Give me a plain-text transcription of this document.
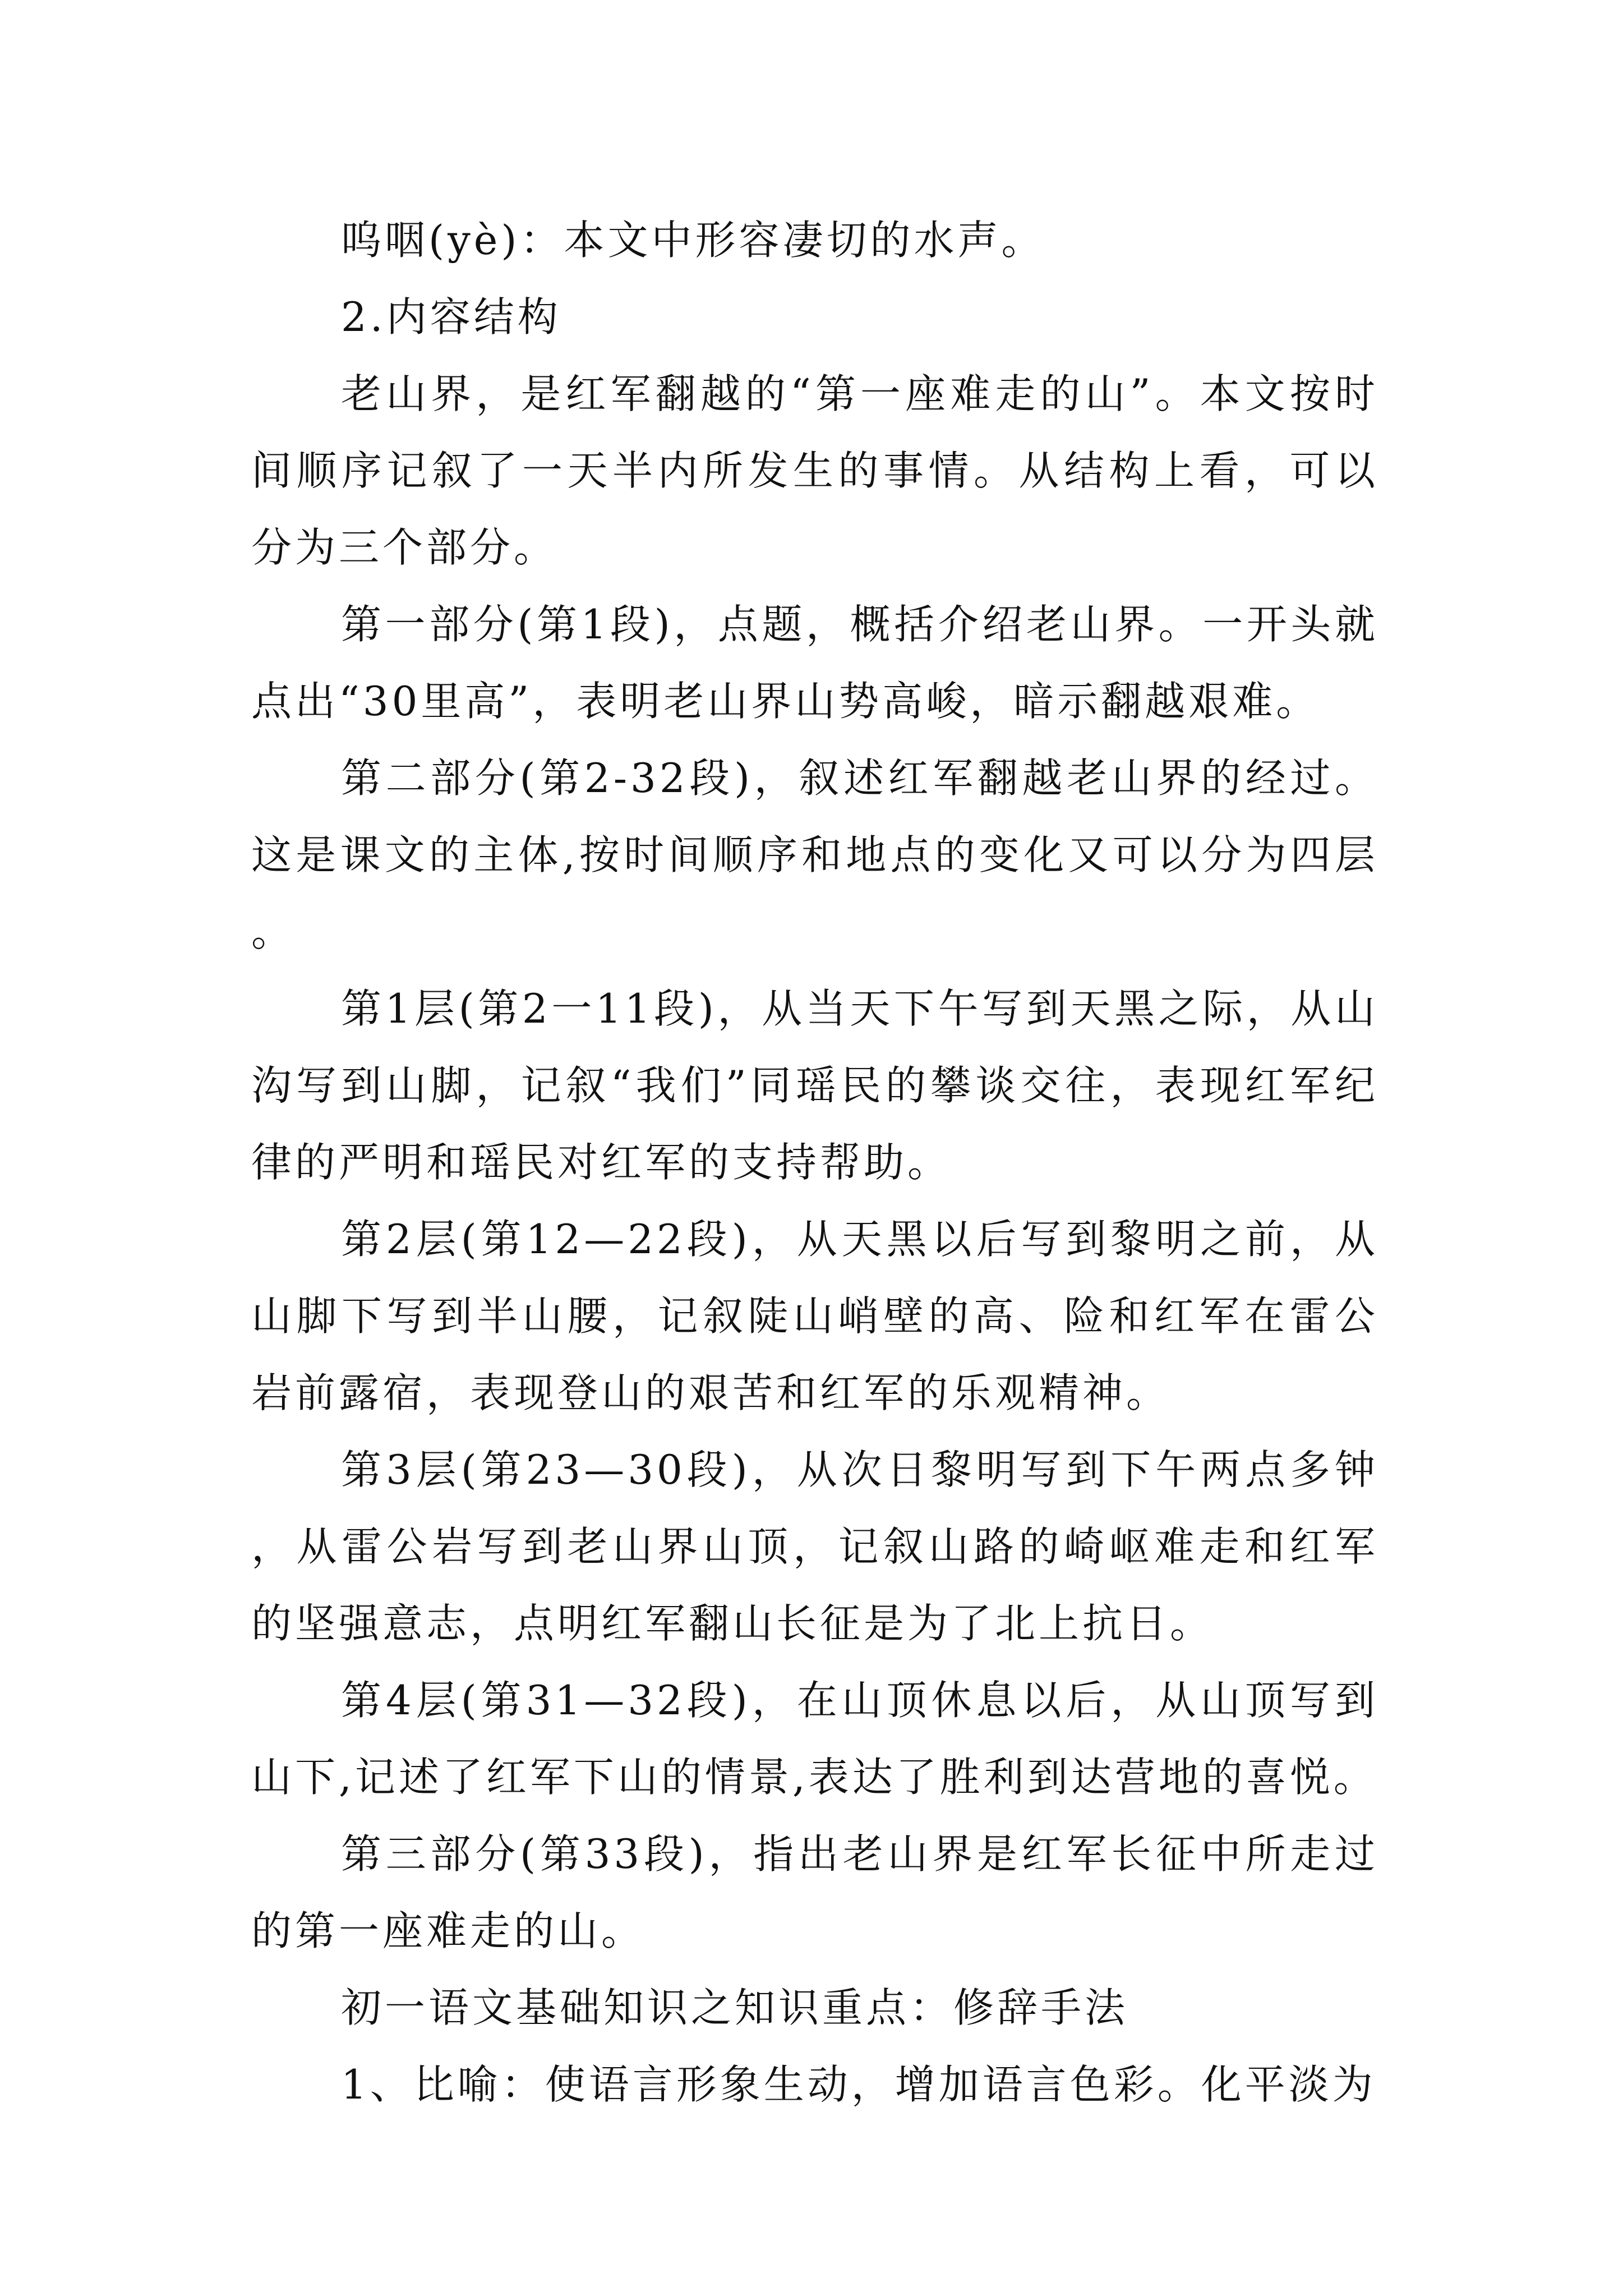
呜咽(yè)：本文中形容凄切的水声。

2.内容结构

老山界，是红军翻越的“第一座难走的山”。本文按时间顺序记叙了一天半内所发生的事情。从结构上看，可以分为三个部分。

第一部分(第1段)，点题，概括介绍老山界。一开头就点出“30里高”，表明老山界山势高峻，暗示翻越艰难。

第二部分(第2-32段)，叙述红军翻越老山界的经过。这是课文的主体,按时间顺序和地点的变化又可以分为四层。

第1层(第2一11段)，从当天下午写到天黑之际，从山沟写到山脚，记叙“我们”同瑶民的攀谈交往，表现红军纪律的严明和瑶民对红军的支持帮助。

第2层(第12—22段)，从天黑以后写到黎明之前，从山脚下写到半山腰，记叙陡山峭壁的高、险和红军在雷公岩前露宿，表现登山的艰苦和红军的乐观精神。

第3层(第23—30段)，从次日黎明写到下午两点多钟，从雷公岩写到老山界山顶，记叙山路的崎岖难走和红军的坚强意志，点明红军翻山长征是为了北上抗日。

第4层(第31—32段)，在山顶休息以后，从山顶写到山下,记述了红军下山的情景,表达了胜利到达营地的喜悦。

第三部分(第33段)，指出老山界是红军长征中所走过的第一座难走的山。

初一语文基础知识之知识重点：修辞手法

1、比喻：使语言形象生动，增加语言色彩。化平淡为
